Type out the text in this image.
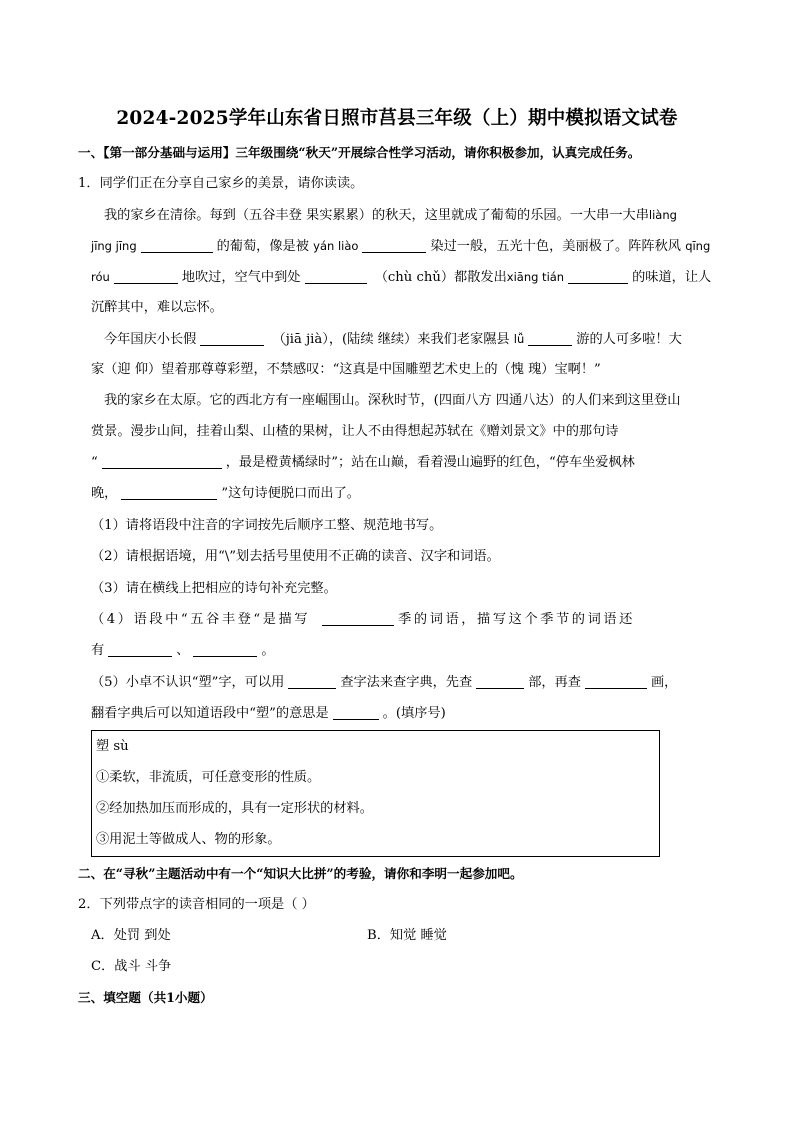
2024-2025学年山东省日照市莒县三年级（上）期中模拟语文试卷
一、【第一部分基础与运用】三年级围绕“秋天”开展综合性学习活动，请你积极参加，认真完成任务。
1．同学们正在分享自己家乡的美景，请你读读。
我的家乡在清徐。每到（五谷丰登 果实累累）的秋天，这里就成了葡萄的乐园。一大串一大串liàng
jīng jīng	的葡萄，像是被 yán liào	染过一般，五光十色，美丽极了。阵阵秋风 qīng
róu	地吹过，空气中到处	（chù chǔ）都散发出xiāng tián	的味道，让人
沉醉其中，难以忘怀。
今年国庆小长假	（jiā jià），(陆续 继续）来我们老家隰县 lǚ	游的人可多啦！大
家（迎 仰）望着那尊尊彩塑，不禁感叹：“这真是中国雕塑艺术史上的（愧 瑰）宝啊！”
我的家乡在太原。它的西北方有一座崛围山。深秋时节，(四面八方 四通八达）的人们来到这里登山
赏景。漫步山间，挂着山梨、山楂的果树，让人不由得想起苏轼在《赠刘景文》中的那句诗
“	，最是橙黄橘绿时”；站在山巅，看着漫山遍野的红色，“停车坐爱枫林
晚，	”这句诗便脱口而出了。
（1）请将语段中注音的字词按先后顺序工整、规范地书写。
（2）请根据语境，用“\”划去括号里使用不正确的读音、汉字和词语。
（3）请在横线上把相应的诗句补充完整。
（4）语段中“五谷丰登“是描写	季的词语，描写这个季节的词语还
有	、	。
（5）小卓不认识“塑”字，可以用	查字法来查字典，先查	部，再查	画，
翻看字典后可以知道语段中“塑”的意思是	。(填序号)
塑 sù
①柔软，非流质，可任意变形的性质。
②经加热加压而形成的，具有一定形状的材料。
③用泥土等做成人、物的形象。
二、在“寻秋”主题活动中有一个“知识大比拼”的考验，请你和李明一起参加吧。
2．下列带点字的读音相同的一项是（ ）
A．处罚 到处	B．知觉 睡觉
C．战斗 斗争
三、填空题（共1小题）
